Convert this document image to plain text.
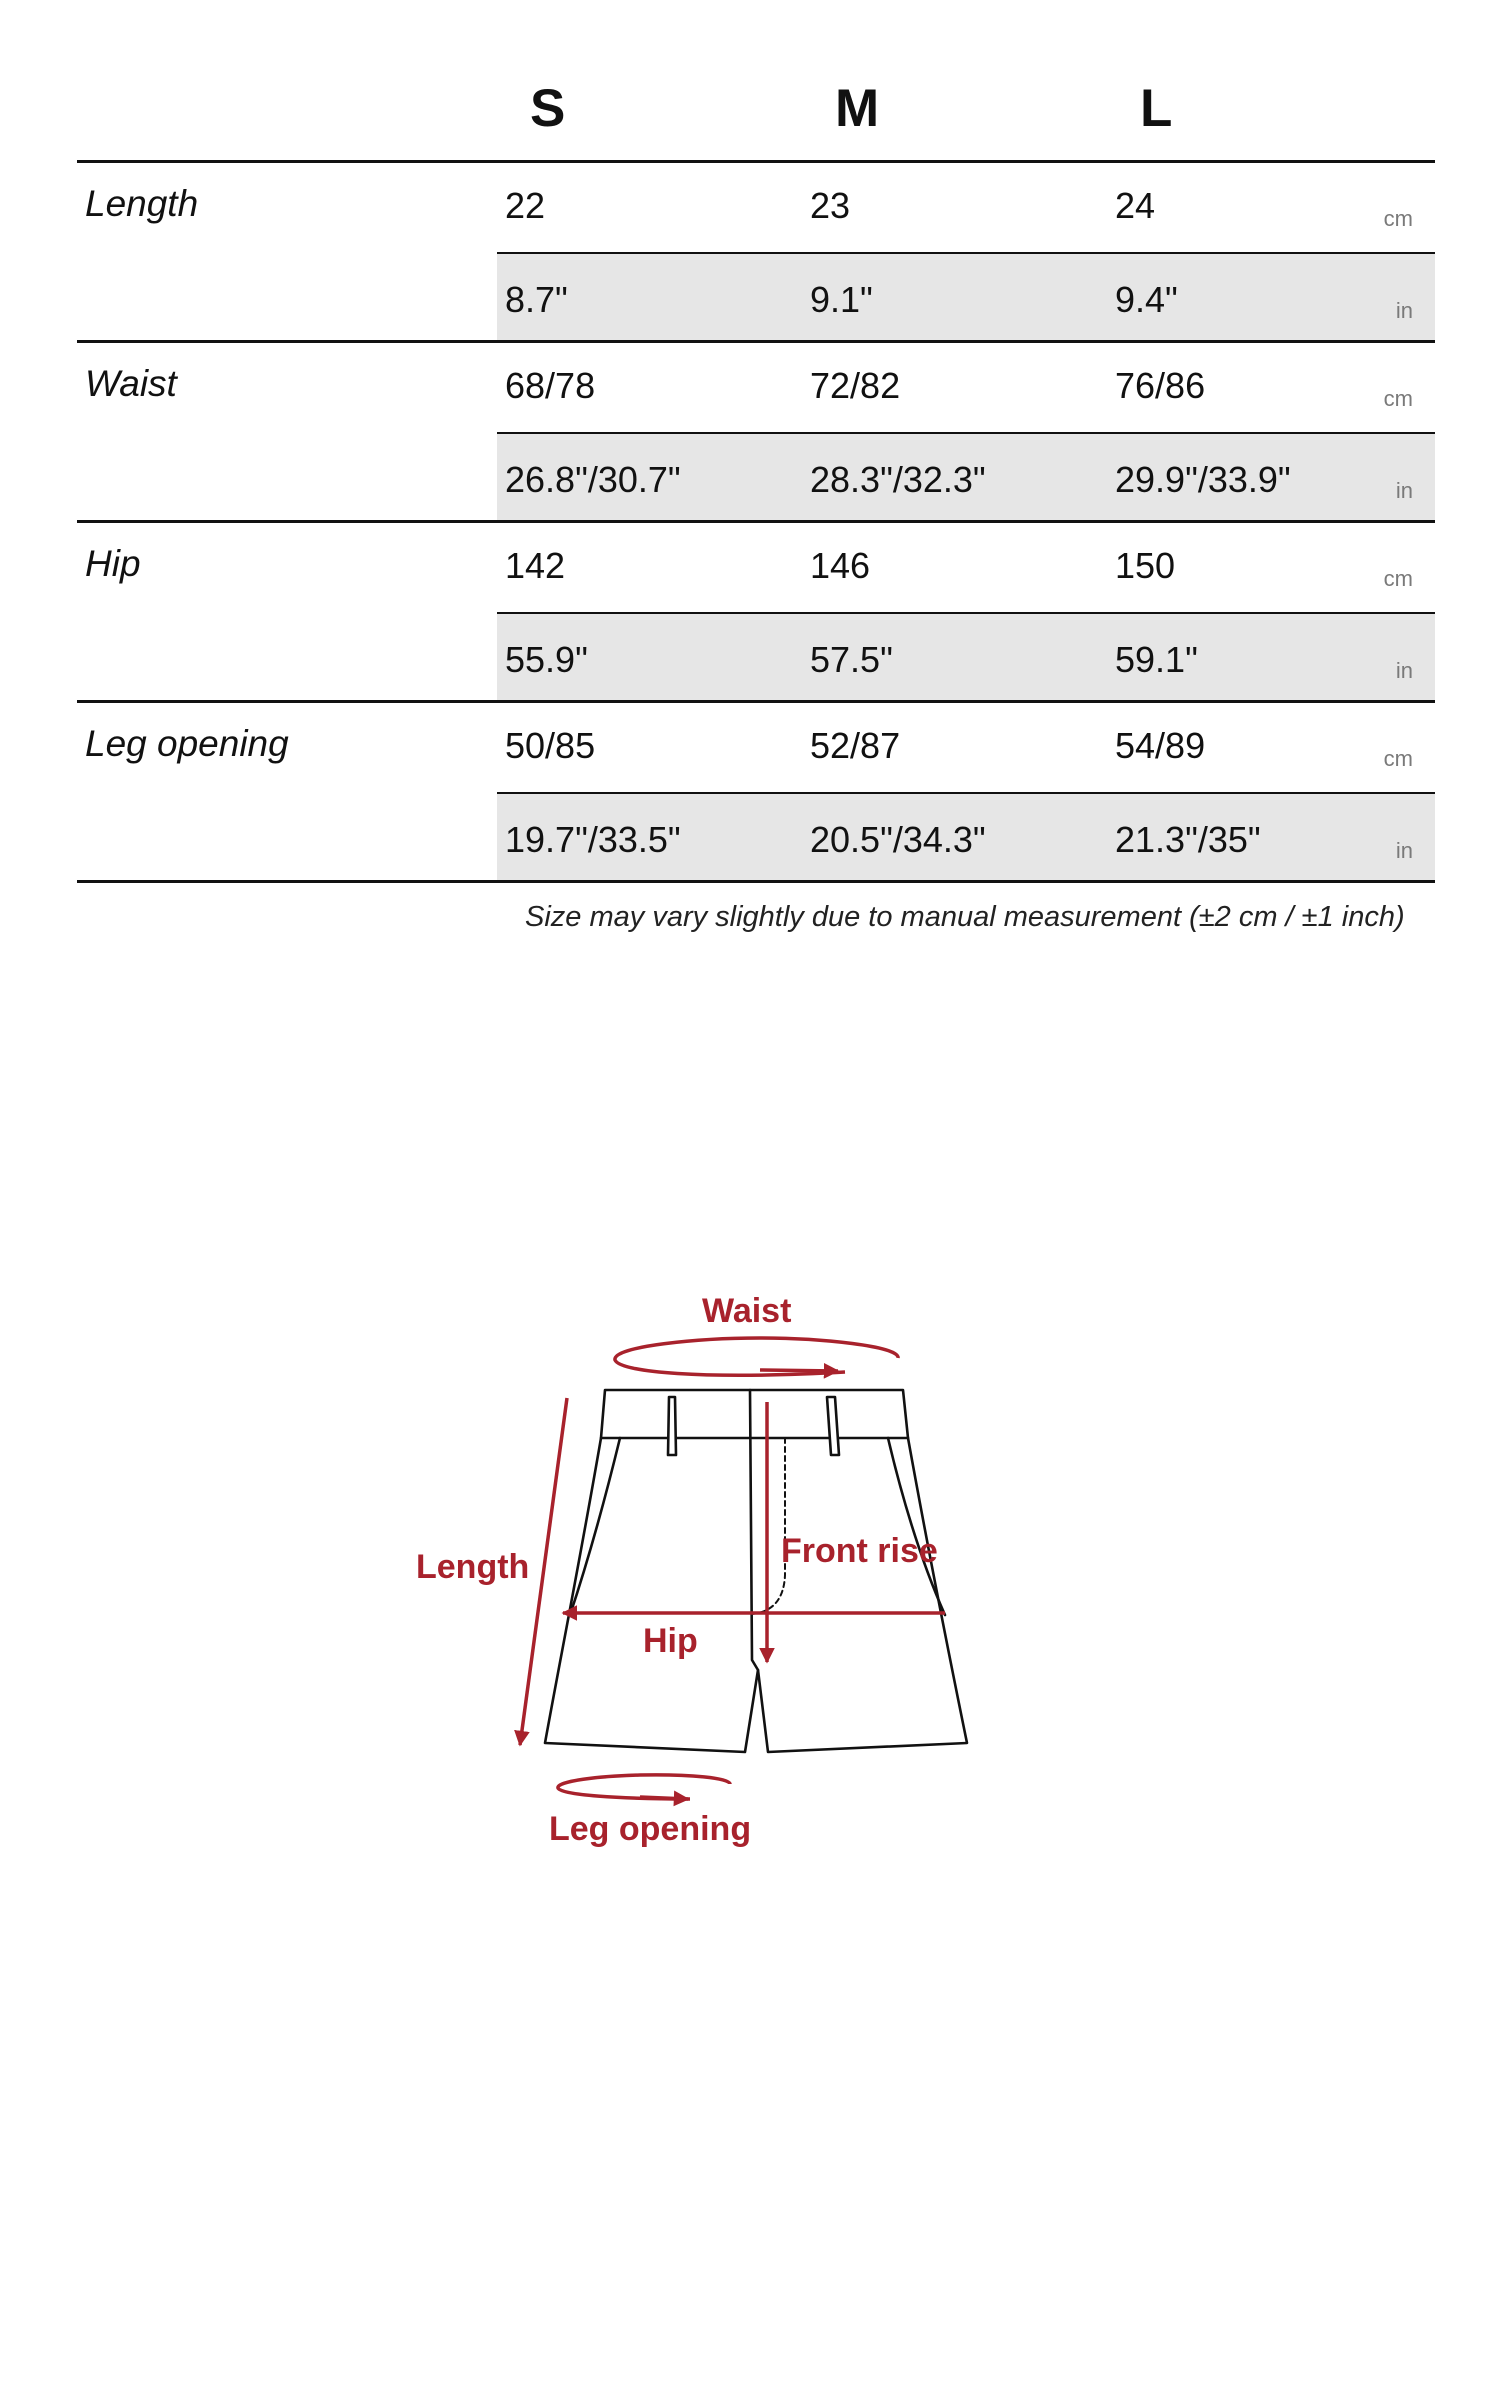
S	M	L
Length	22	23	24	cm
8.7"	9.1"	9.4"	in
Waist	68/78	72/82	76/86	cm
26.8"/30.7"	28.3"/32.3"	29.9"/33.9"	in
Hip	142	146	150	cm
55.9"	57.5"	59.1"	in
Leg opening	50/85	52/87	54/89	cm
19.7"/33.5"	20.5"/34.3"	21.3"/35"	in
Size may vary slightly due to manual measurement (±2 cm / ±1 inch)
Waist
Length	Front rise
Hip
Leg opening
